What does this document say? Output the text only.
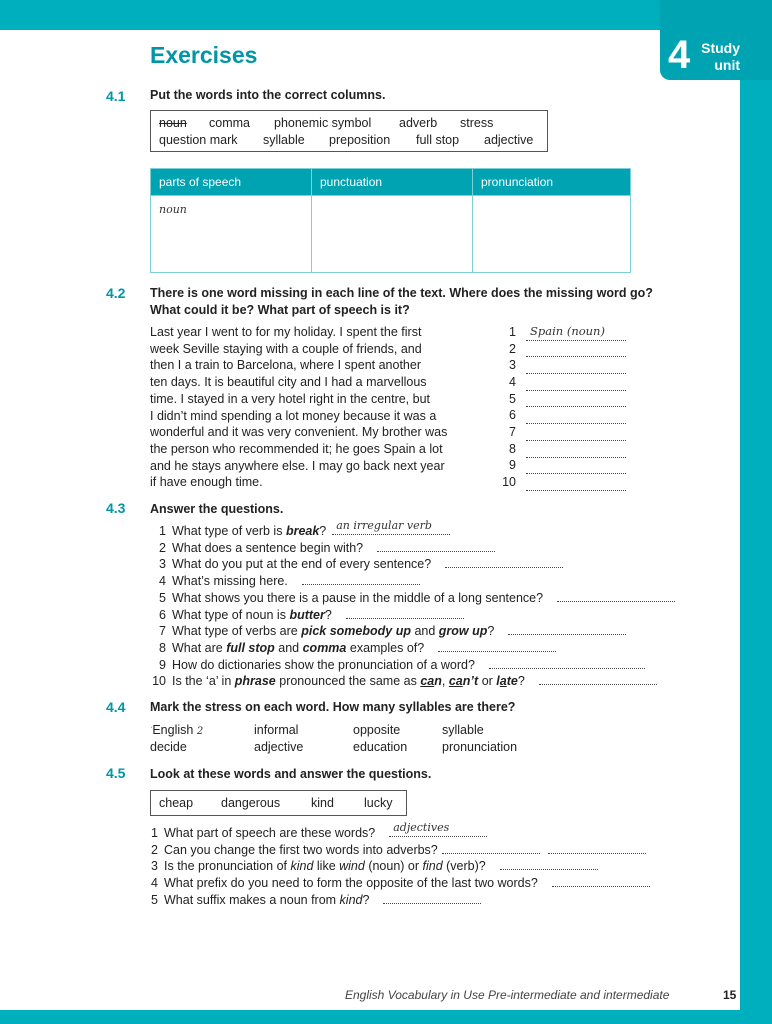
4 Study
unit
Exercises
4.1 Put the words into the correct columns.
noun comma phonemic symbol adverb stress
question mark syllable preposition full stop adjective
parts of speech	punctuation	pronunciation
noun		
4.2 There is one word missing in each line of the text. Where does the missing word go?
What could it be? What part of speech is it?
Last year I went to for my holiday. I spent the first
week Seville staying with a couple of friends, and
then I a train to Barcelona, where I spent another
ten days. It is beautiful city and I had a marvellous
time. I stayed in a very hotel right in the centre, but
I didn’t mind spending a lot money because it was a
wonderful and it was very convenient. My brother was
the person who recommended it; he goes Spain a lot
and he stays anywhere else. I may go back next year
if have enough time.
1 Spain (noun)
2
3
4
5
6
7
8
9
10
4.3 Answer the questions.
1 What type of verb is break? an irregular verb
2 What does a sentence begin with?
3 What do you put at the end of every sentence?
4 What’s missing here.
5 What shows you there is a pause in the middle of a long sentence?
6 What type of noun is butter?
7 What type of verbs are pick somebody up and grow up?
8 What are full stop and comma examples of?
9 How do dictionaries show the pronunciation of a word?
10 Is the ‘a’ in phrase pronounced the same as can, can’t or late?
4.4 Mark the stress on each word. How many syllables are there?
$^ˈ$English 2	informal	opposite	syllable
decide	adjective	education	pronunciation
4.5 Look at these words and answer the questions.
cheap dangerous kind lucky
1 What part of speech are these words? adjectives
2 Can you change the first two words into adverbs?
3 Is the pronunciation of kind like wind (noun) or find (verb)?
4 What prefix do you need to form the opposite of the last two words?
5 What suffix makes a noun from kind?
English Vocabulary in Use Pre-intermediate and intermediate	15
